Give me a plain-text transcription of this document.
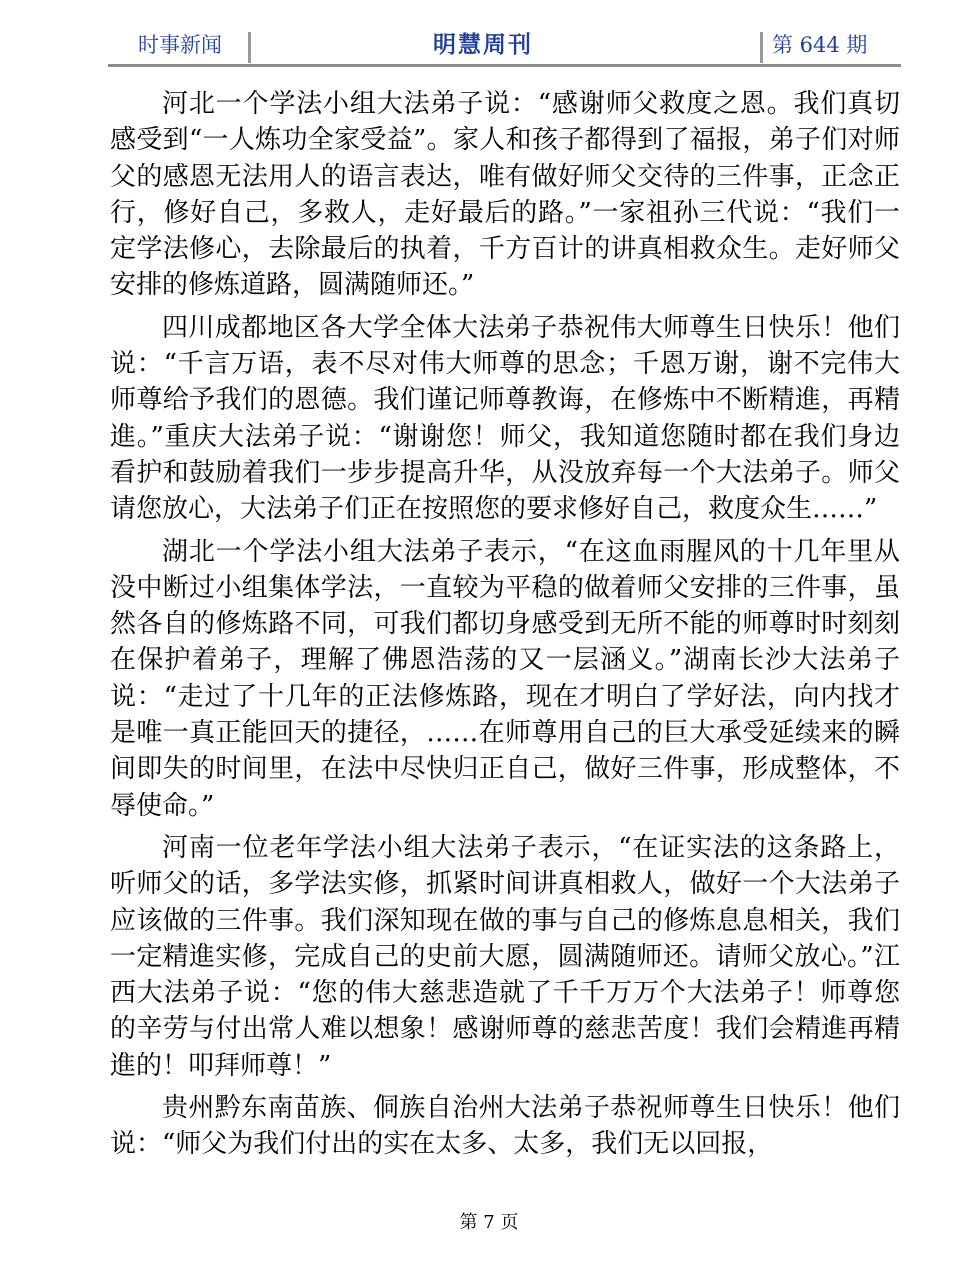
时事新闻	明慧周刊	第 644 期

河北一个学法小组大法弟子说：“感谢师父救度之恩。我们真切感受到“一人炼功全家受益”。家人和孩子都得到了福报，弟子们对师父的感恩无法用人的语言表达，唯有做好师父交待的三件事，正念正行，修好自己，多救人，走好最后的路。”一家祖孙三代说：“我们一定学法修心，去除最后的执着，千方百计的讲真相救众生。走好师父安排的修炼道路，圆满随师还。”

四川成都地区各大学全体大法弟子恭祝伟大师尊生日快乐！他们说：“千言万语，表不尽对伟大师尊的思念；千恩万谢，谢不完伟大师尊给予我们的恩德。我们谨记师尊教诲，在修炼中不断精進，再精進。”重庆大法弟子说：“谢谢您！师父，我知道您随时都在我们身边看护和鼓励着我们一步步提高升华，从没放弃每一个大法弟子。师父请您放心，大法弟子们正在按照您的要求修好自己，救度众生……”

湖北一个学法小组大法弟子表示，“在这血雨腥风的十几年里从没中断过小组集体学法，一直较为平稳的做着师父安排的三件事，虽然各自的修炼路不同，可我们都切身感受到无所不能的师尊时时刻刻在保护着弟子，理解了佛恩浩荡的又一层涵义。”湖南长沙大法弟子说：“走过了十几年的正法修炼路，现在才明白了学好法，向内找才是唯一真正能回天的捷径，……在师尊用自己的巨大承受延续来的瞬间即失的时间里，在法中尽快归正自己，做好三件事，形成整体，不辱使命。”

河南一位老年学法小组大法弟子表示，“在证实法的这条路上，听师父的话，多学法实修，抓紧时间讲真相救人，做好一个大法弟子应该做的三件事。我们深知现在做的事与自己的修炼息息相关，我们一定精進实修，完成自己的史前大愿，圆满随师还。请师父放心。”江西大法弟子说：“您的伟大慈悲造就了千千万万个大法弟子！师尊您的辛劳与付出常人难以想象！感谢师尊的慈悲苦度！我们会精進再精進的！叩拜师尊！”

贵州黔东南苗族、侗族自治州大法弟子恭祝师尊生日快乐！他们说：“师父为我们付出的实在太多、太多，我们无以回报，

第 7 页
